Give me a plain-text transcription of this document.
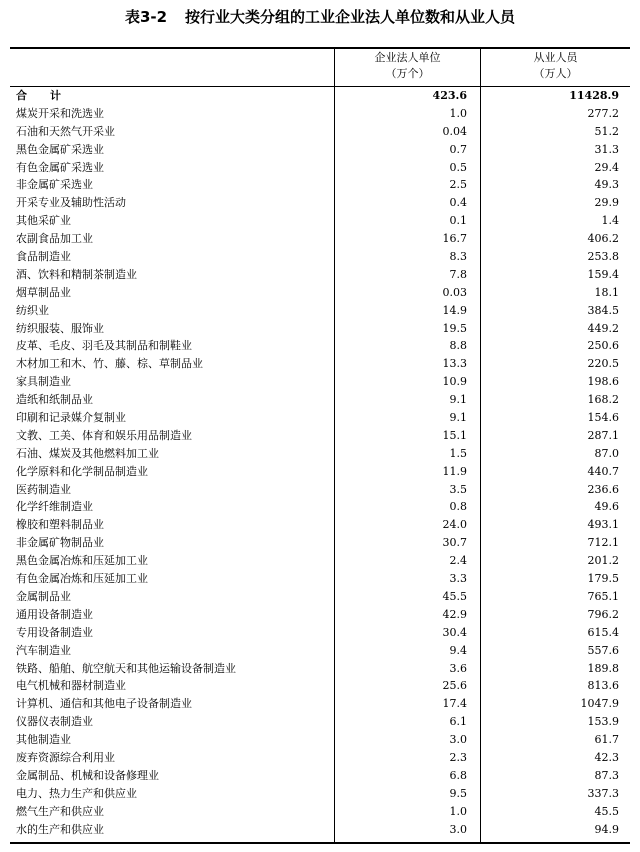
表3-2 按行业大类分组的工业企业法人单位数和从业人员
企业法人单位
（万个）
从业人员
（万人）
合　计	423.6	11428.9
煤炭开采和洗选业	1.0	277.2
石油和天然气开采业	0.04	51.2
黑色金属矿采选业	0.7	31.3
有色金属矿采选业	0.5	29.4
非金属矿采选业	2.5	49.3
开采专业及辅助性活动	0.4	29.9
其他采矿业	0.1	1.4
农副食品加工业	16.7	406.2
食品制造业	8.3	253.8
酒、饮料和精制茶制造业	7.8	159.4
烟草制品业	0.03	18.1
纺织业	14.9	384.5
纺织服装、服饰业	19.5	449.2
皮革、毛皮、羽毛及其制品和制鞋业	8.8	250.6
木材加工和木、竹、藤、棕、草制品业	13.3	220.5
家具制造业	10.9	198.6
造纸和纸制品业	9.1	168.2
印刷和记录媒介复制业	9.1	154.6
文教、工美、体育和娱乐用品制造业	15.1	287.1
石油、煤炭及其他燃料加工业	1.5	87.0
化学原料和化学制品制造业	11.9	440.7
医药制造业	3.5	236.6
化学纤维制造业	0.8	49.6
橡胶和塑料制品业	24.0	493.1
非金属矿物制品业	30.7	712.1
黑色金属冶炼和压延加工业	2.4	201.2
有色金属冶炼和压延加工业	3.3	179.5
金属制品业	45.5	765.1
通用设备制造业	42.9	796.2
专用设备制造业	30.4	615.4
汽车制造业	9.4	557.6
铁路、船舶、航空航天和其他运输设备制造业	3.6	189.8
电气机械和器材制造业	25.6	813.6
计算机、通信和其他电子设备制造业	17.4	1047.9
仪器仪表制造业	6.1	153.9
其他制造业	3.0	61.7
废弃资源综合利用业	2.3	42.3
金属制品、机械和设备修理业	6.8	87.3
电力、热力生产和供应业	9.5	337.3
燃气生产和供应业	1.0	45.5
水的生产和供应业	3.0	94.9
